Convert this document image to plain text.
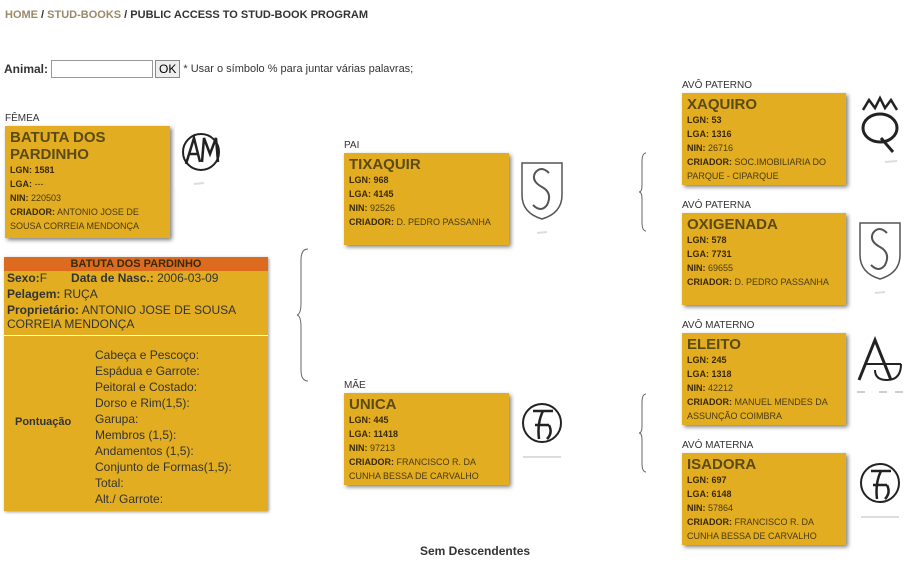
HOME / STUD-BOOKS / PUBLIC ACCESS TO STUD-BOOK PROGRAM
Animal:	OK * Usar o símbolo % para juntar várias palavras;
FÊMEA
BATUTA DOS PARDINHO
LGN: 1581
LGA: ---
NIN: 220503
CRIADOR: ANTONIO JOSE DE SOUSA CORREIA MENDONÇA
BATUTA DOS PARDINHO
Sexo:F Data de Nasc.: 2006-03-09
Pelagem: RUÇA
Proprietário: ANTONIO JOSE DE SOUSA CORREIA MENDONÇA
Pontuação
Cabeça e Pescoço:
Espádua e Garrote:
Peitoral e Costado:
Dorso e Rim(1,5):
Garupa:
Membros (1,5):
Andamentos (1,5):
Conjunto de Formas(1,5):
Total:
Alt./ Garrote:
PAI
TIXAQUIR
LGN: 968
LGA: 4145
NIN: 92526
CRIADOR: D. PEDRO PASSANHA
MÃE
UNICA
LGN: 445
LGA: 11418
NIN: 97213
CRIADOR: FRANCISCO R. DA CUNHA BESSA DE CARVALHO
AVÔ PATERNO
XAQUIRO
LGN: 53
LGA: 1316
NIN: 26716
CRIADOR: SOC.IMOBILIARIA DO PARQUE - CIPARQUE
AVÓ PATERNA
OXIGENADA
LGN: 578
LGA: 7731
NIN: 69655
CRIADOR: D. PEDRO PASSANHA
AVÔ MATERNO
ELEITO
LGN: 245
LGA: 1318
NIN: 42212
CRIADOR: MANUEL MENDES DA ASSUNÇÃO COIMBRA
AVÓ MATERNA
ISADORA
LGN: 697
LGA: 6148
NIN: 57864
CRIADOR: FRANCISCO R. DA CUNHA BESSA DE CARVALHO
Sem Descendentes
